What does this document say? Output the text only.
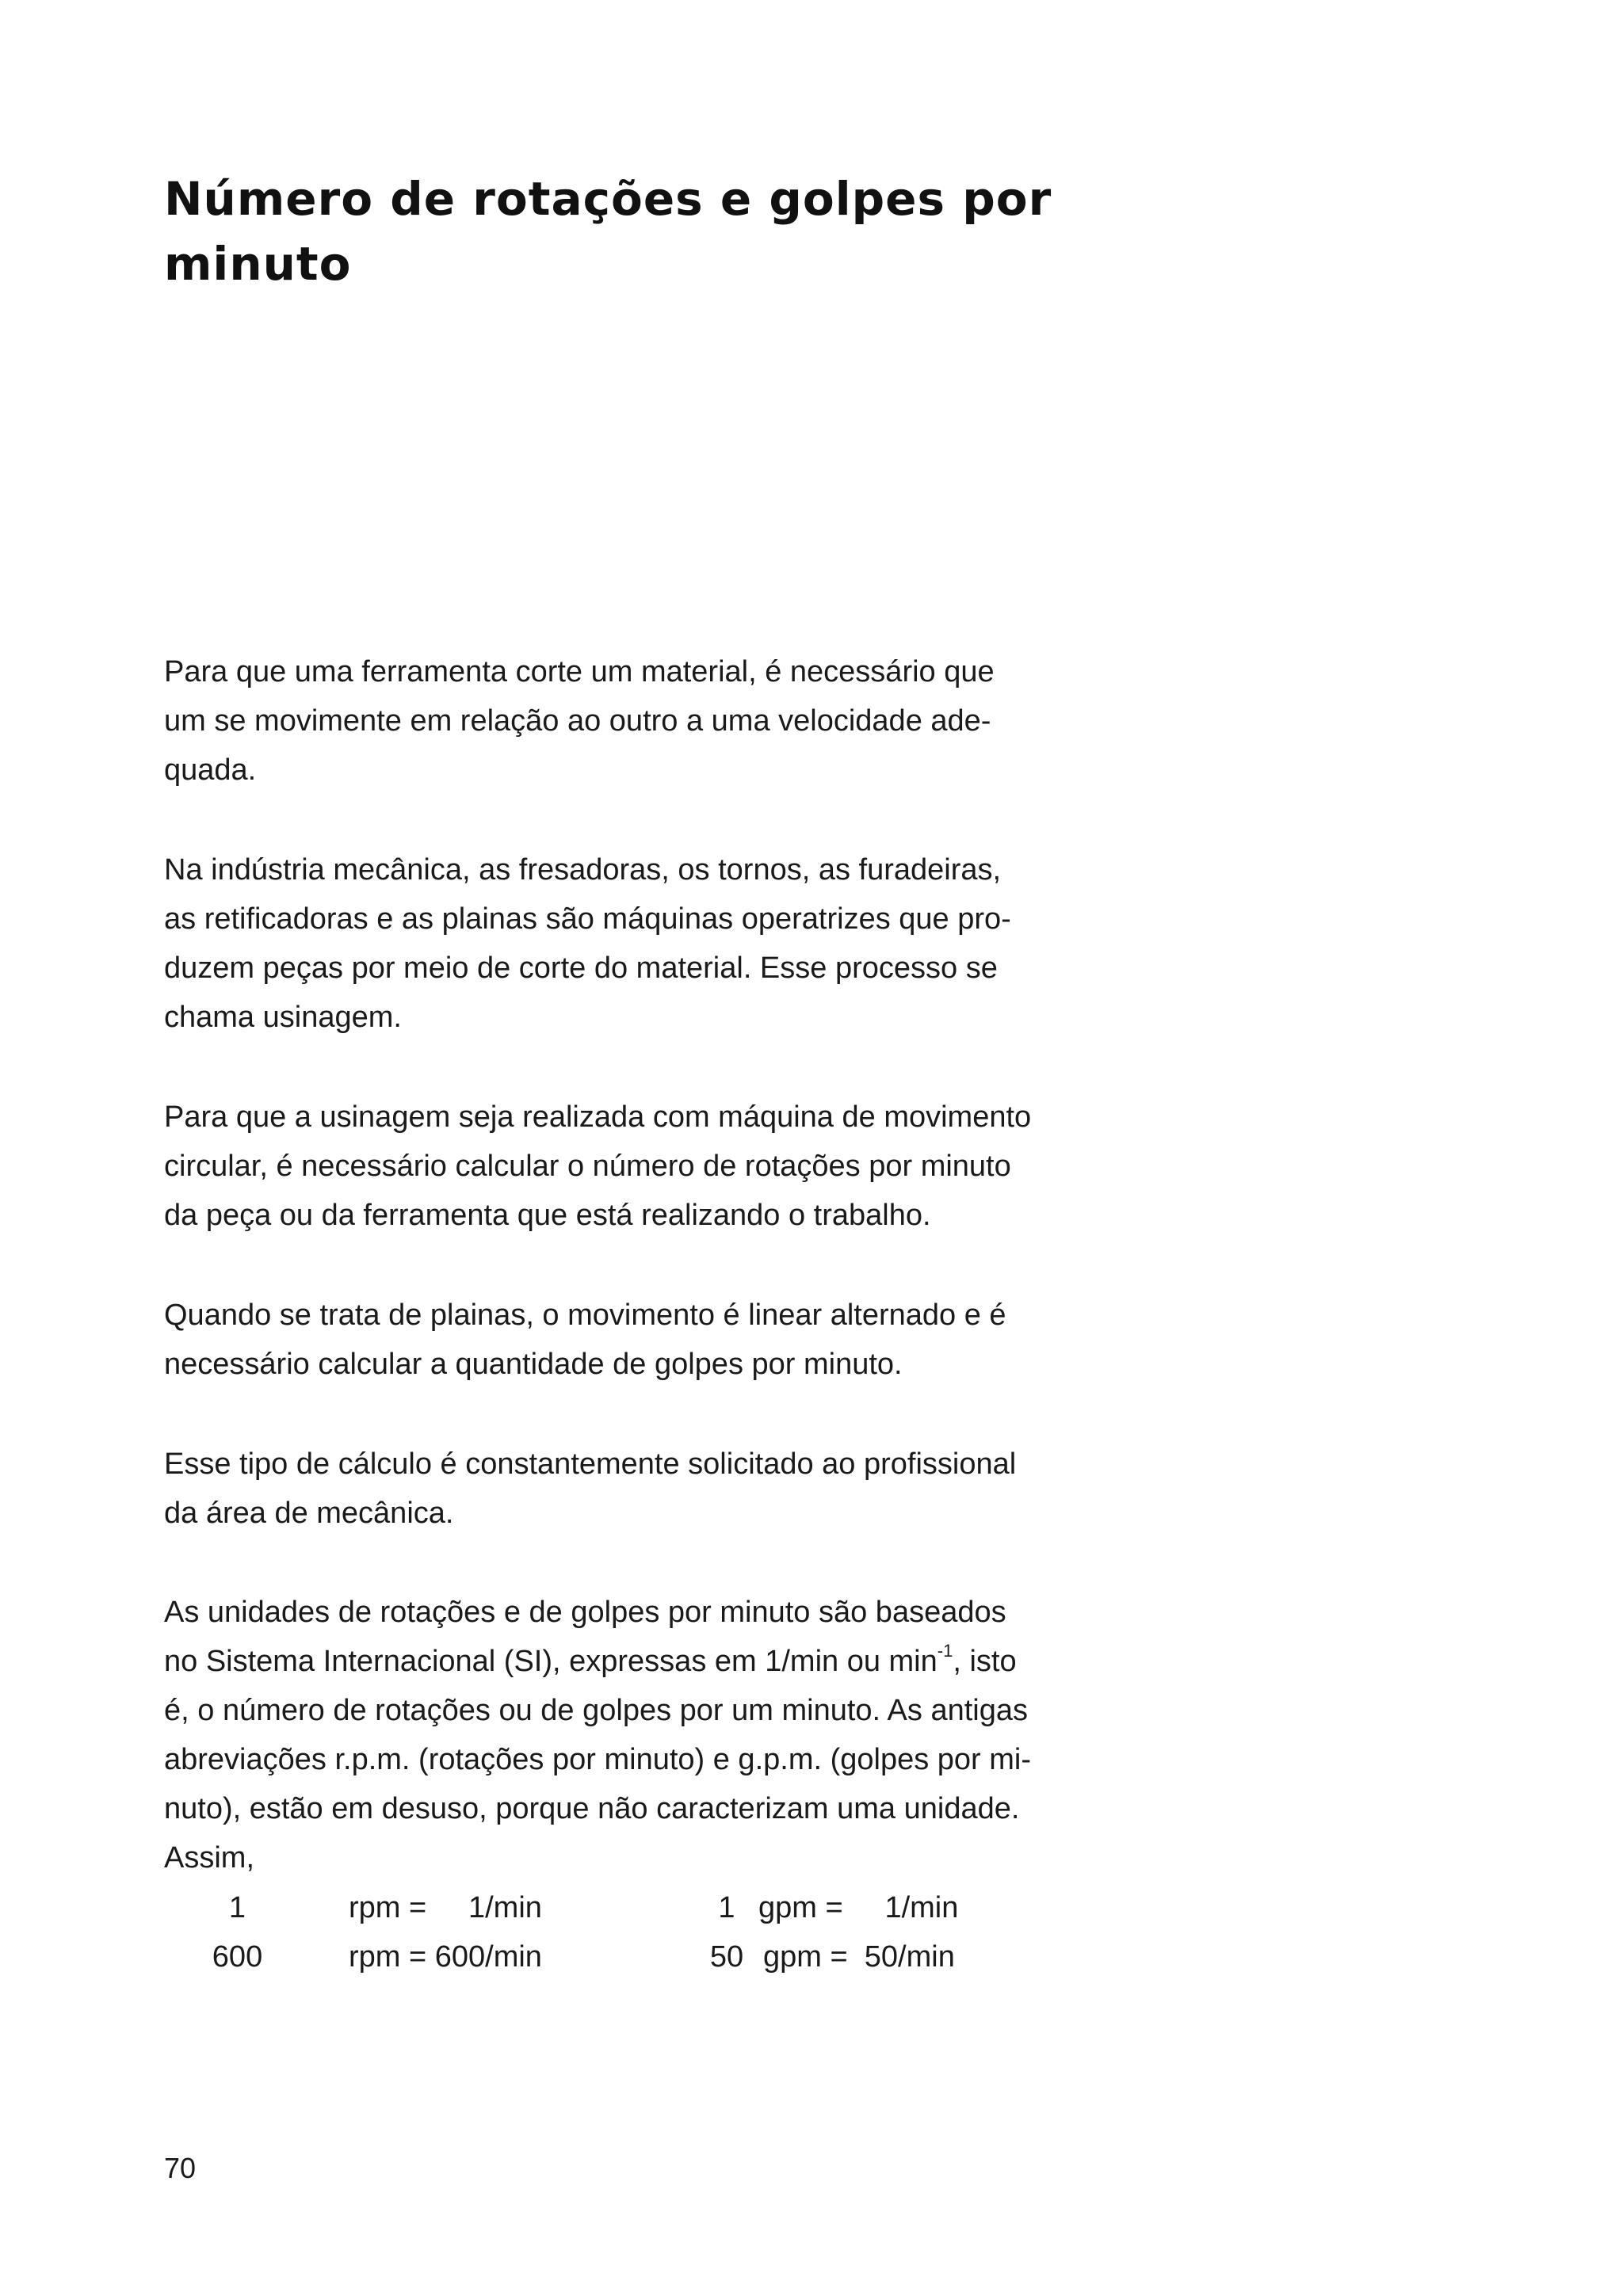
Número de rotações e golpes por
minuto

Para que uma ferramenta corte um material, é necessário que
um se movimente em relação ao outro a uma velocidade ade-
quada.

Na indústria mecânica, as fresadoras, os tornos, as furadeiras,
as retificadoras e as plainas são máquinas operatrizes que pro-
duzem peças por meio de corte do material. Esse processo se
chama usinagem.

Para que a usinagem seja realizada com máquina de movimento
circular, é necessário calcular o número de rotações por minuto
da peça ou da ferramenta que está realizando o trabalho.

Quando se trata de plainas, o movimento é linear alternado e é
necessário calcular a quantidade de golpes por minuto.

Esse tipo de cálculo é constantemente solicitado ao profissional
da área de mecânica.

As unidades de rotações e de golpes por minuto são baseados
no Sistema Internacional (SI), expressas em 1/min ou $\min^{-1}$, isto
é, o número de rotações ou de golpes por um minuto. As antigas
abreviações r.p.m. (rotações por minuto) e g.p.m. (golpes por mi-
nuto), estão em desuso, porque não caracterizam uma unidade.
Assim,

1	rpm =     1/min	1 gpm =     1/min
600	rpm = 600/min	50 gpm =  50/min

70
